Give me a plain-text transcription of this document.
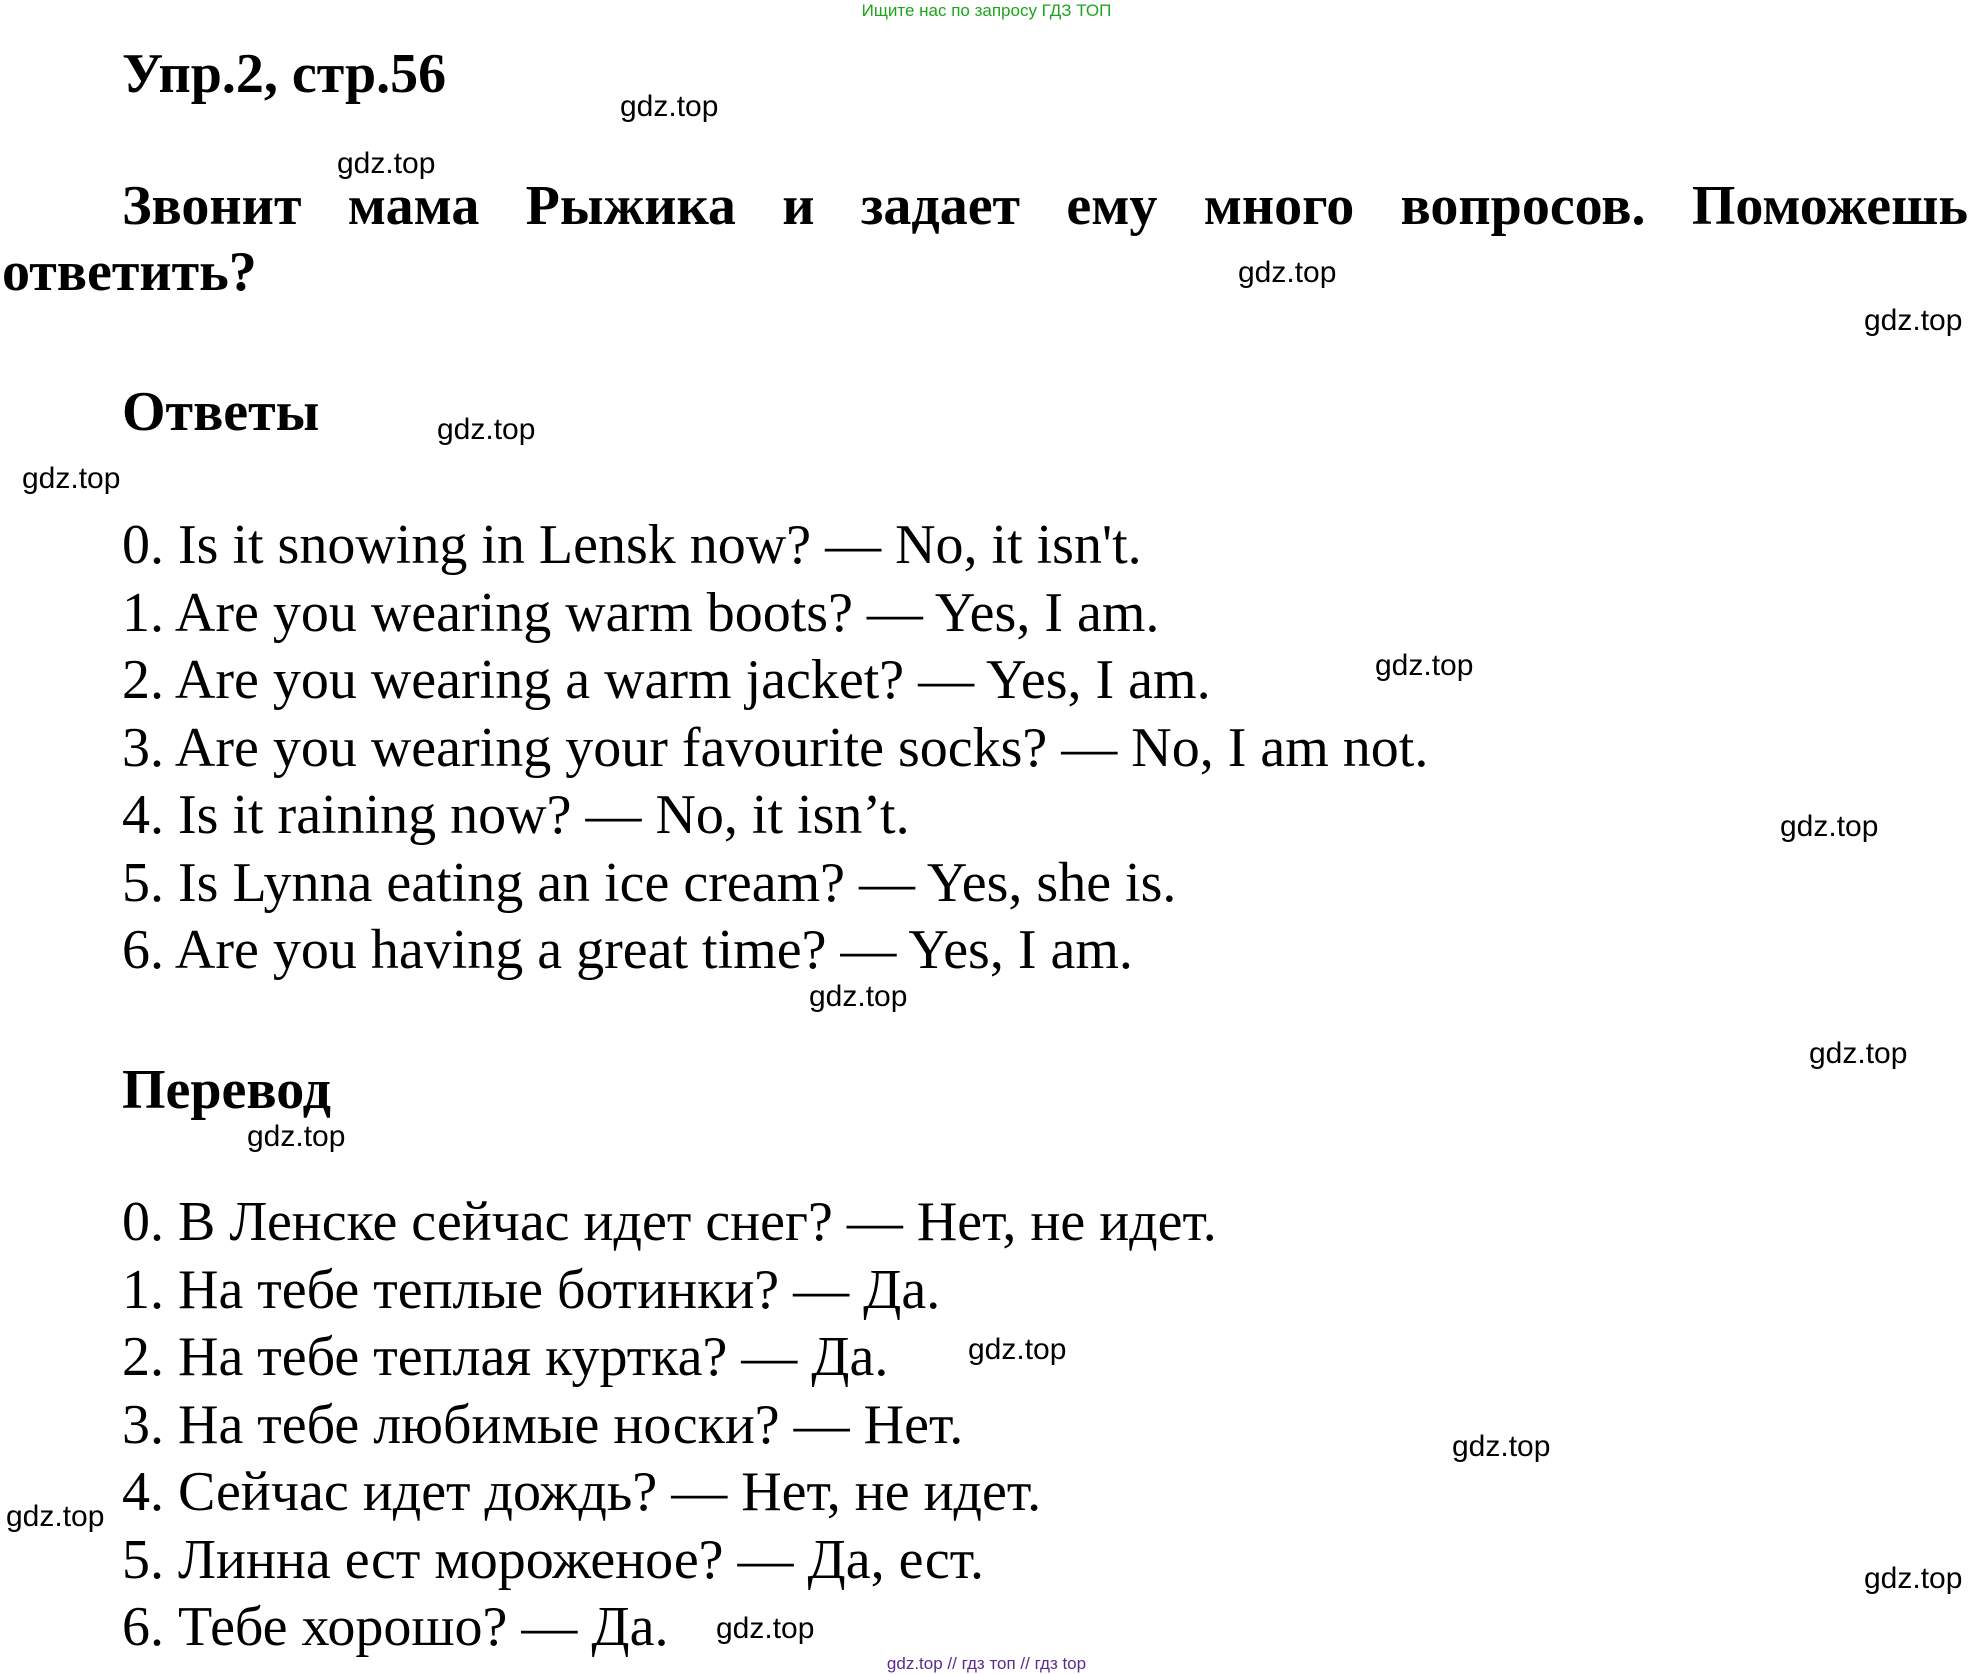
Ищите нас по запросу ГДЗ ТОП
Упр.2, стр.56
Звонит мама Рыжика и задает ему много вопросов. Поможешь ответить?
Ответы
0. Is it snowing in Lensk now? — No, it isn't.
1. Are you wearing warm boots? — Yes, I am.
2. Are you wearing a warm jacket? — Yes, I am.
3. Are you wearing your favourite socks? — No, I am not.
4. Is it raining now? — No, it isn’t.
5. Is Lynna eating an ice cream? — Yes, she is.
6. Are you having a great time? — Yes, I am.
Перевод
0. В Ленске сейчас идет снег? — Нет, не идет.
1. На тебе теплые ботинки? — Да.
2. На тебе теплая куртка? — Да.
3. На тебе любимые носки? — Нет.
4. Сейчас идет дождь? — Нет, не идет.
5. Линна ест мороженое? — Да, ест.
6. Тебе хорошо? — Да.
gdz.top
gdz.top
gdz.top
gdz.top
gdz.top
gdz.top
gdz.top
gdz.top
gdz.top
gdz.top
gdz.top
gdz.top
gdz.top
gdz.top
gdz.top
gdz.top
gdz.top // гдз топ // гдз top
